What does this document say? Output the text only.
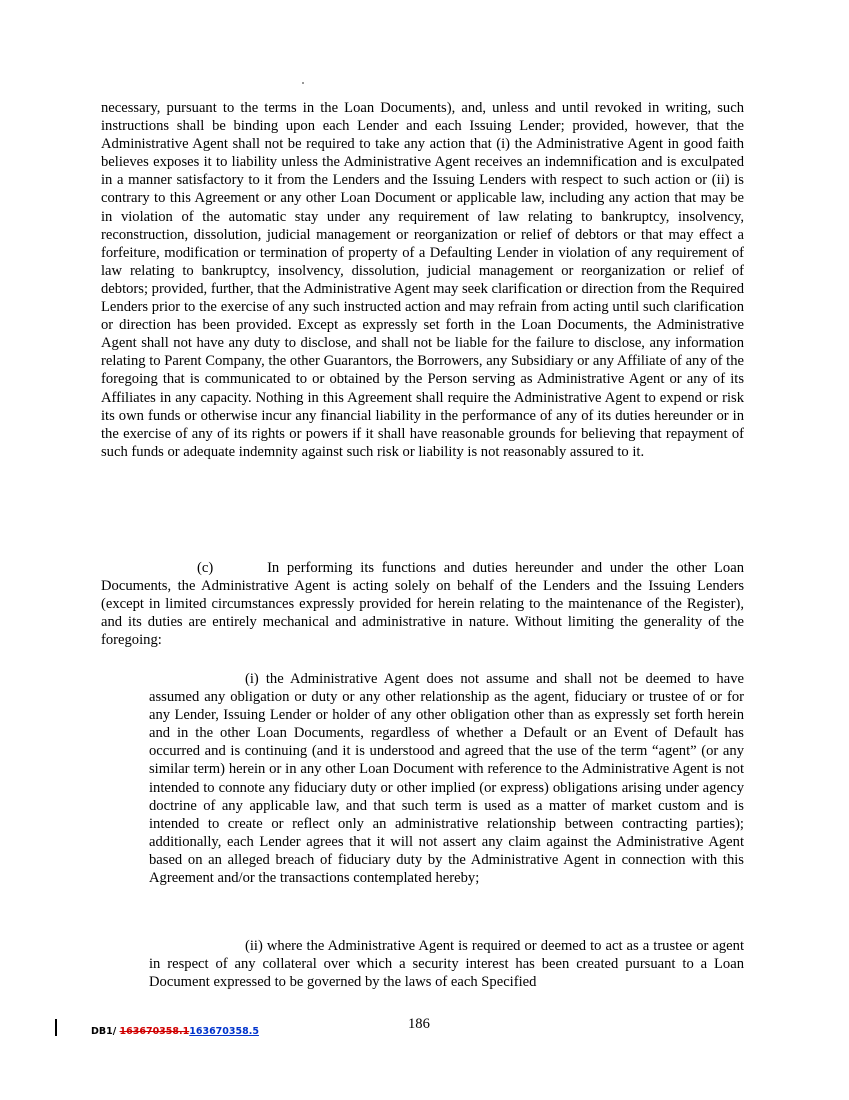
necessary, pursuant to the terms in the Loan Documents), and, unless and until revoked in writing, such instructions shall be binding upon each Lender and each Issuing Lender; provided, however, that the Administrative Agent shall not be required to take any action that (i) the Administrative Agent in good faith believes exposes it to liability unless the Administrative Agent receives an indemnification and is exculpated in a manner satisfactory to it from the Lenders and the Issuing Lenders with respect to such action or (ii) is contrary to this Agreement or any other Loan Document or applicable law, including any action that may be in violation of the automatic stay under any requirement of law relating to bankruptcy, insolvency, reconstruction, dissolution, judicial management or reorganization or relief of debtors or that may effect a forfeiture, modification or termination of property of a Defaulting Lender in violation of any requirement of law relating to bankruptcy, insolvency, dissolution, judicial management or reorganization or relief of debtors; provided, further, that the Administrative Agent may seek clarification or direction from the Required Lenders prior to the exercise of any such instructed action and may refrain from acting until such clarification or direction has been provided. Except as expressly set forth in the Loan Documents, the Administrative Agent shall not have any duty to disclose, and shall not be liable for the failure to disclose, any information relating to Parent Company, the other Guarantors, the Borrowers, any Subsidiary or any Affiliate of any of the foregoing that is communicated to or obtained by the Person serving as Administrative Agent or any of its Affiliates in any capacity. Nothing in this Agreement shall require the Administrative Agent to expend or risk its own funds or otherwise incur any financial liability in the performance of any of its duties hereunder or in the exercise of any of its rights or powers if it shall have reasonable grounds for believing that repayment of such funds or adequate indemnity against such risk or liability is not reasonably assured to it.

(c)       In performing its functions and duties hereunder and under the other Loan Documents, the Administrative Agent is acting solely on behalf of the Lenders and the Issuing Lenders (except in limited circumstances expressly provided for herein relating to the maintenance of the Register), and its duties are entirely mechanical and administrative in nature. Without limiting the generality of the foregoing:

(i) the Administrative Agent does not assume and shall not be deemed to have assumed any obligation or duty or any other relationship as the agent, fiduciary or trustee of or for any Lender, Issuing Lender or holder of any other obligation other than as expressly set forth herein and in the other Loan Documents, regardless of whether a Default or an Event of Default has occurred and is continuing (and it is understood and agreed that the use of the term “agent” (or any similar term) herein or in any other Loan Document with reference to the Administrative Agent is not intended to connote any fiduciary duty or other implied (or express) obligations arising under agency doctrine of any applicable law, and that such term is used as a matter of market custom and is intended to create or reflect only an administrative relationship between contracting parties); additionally, each Lender agrees that it will not assert any claim against the Administrative Agent based on an alleged breach of fiduciary duty by the Administrative Agent in connection with this Agreement and/or the transactions contemplated hereby;

(ii) where the Administrative Agent is required or deemed to act as a trustee or agent in respect of any collateral over which a security interest has been created pursuant to a Loan Document expressed to be governed by the laws of each Specified

DB1/ 163670358.1163670358.5	186
